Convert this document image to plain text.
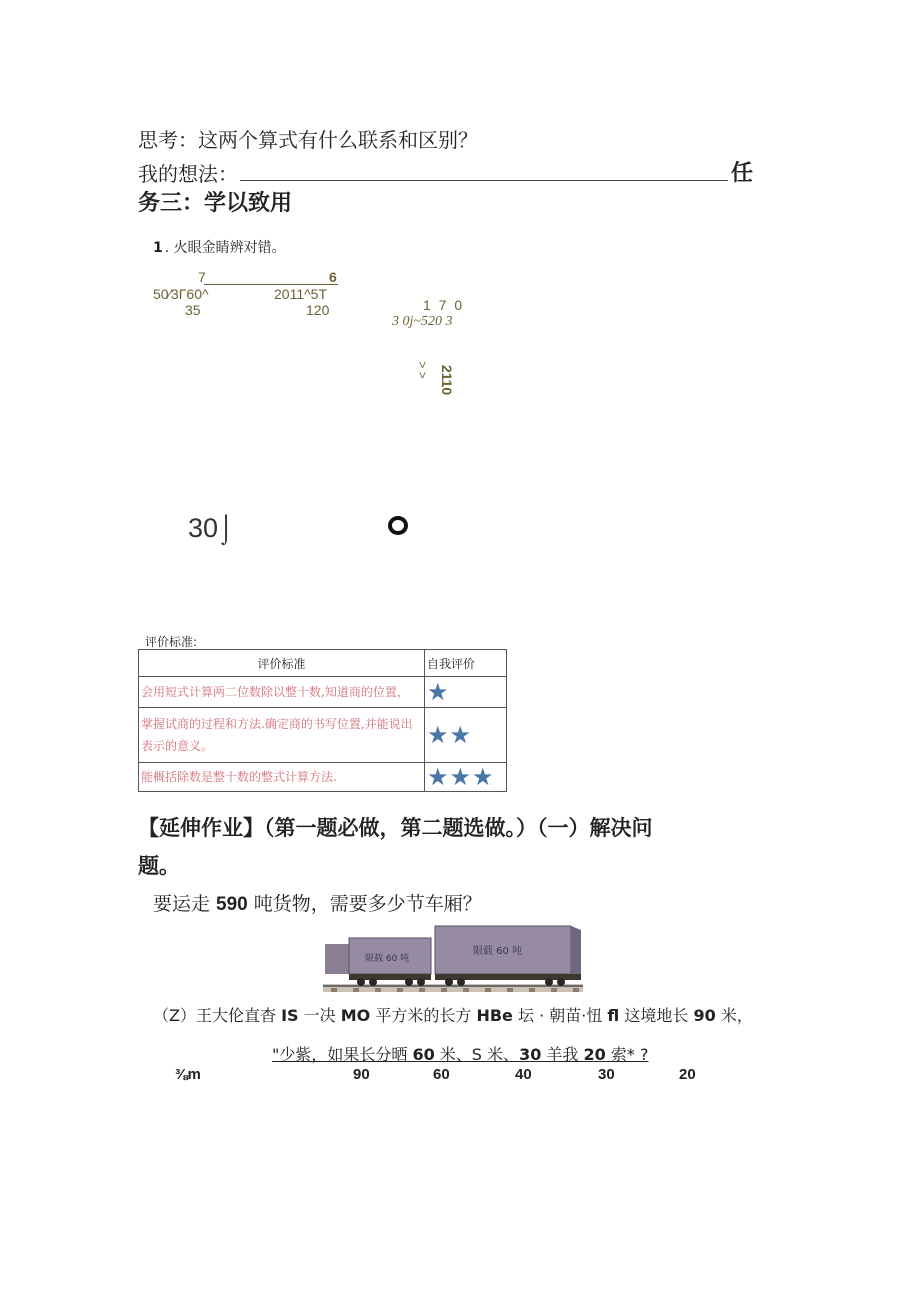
思考：这两个算式有什么联系和区别？
我的想法：	任
务三：学以致用
1 . 火眼金睛辨对错。
7	6
50∕3Γ60^	2011^5T
35	120	1 7 0
3 0j~520 3
2110
> >
30⌡
评价标准:
评价标准	自我评价
会用短式计算两二位数除以整十数,知道商的位置，	★
掌握试商的过程和方法.确定商的书写位置,并能说出表示的意义。	★★
能概括除数是整十数的整式计算方法.	★★★
【延伸作业】（第一题必做，第二题选做。）（一）解决问
题。
要运走 590 吨货物，需要多少节车厢？
限载 60 吨
限载 60 吨
（Z）王大伦直杳 IS 一决 MO 平方米的长方 HBe 坛 · 朝苗·忸 fl 这境地长 90 米，
"少紫，如果长分晒 60 米、S 米、30 羊我 20 索* ?
⅜m	90	60	40	30	20
